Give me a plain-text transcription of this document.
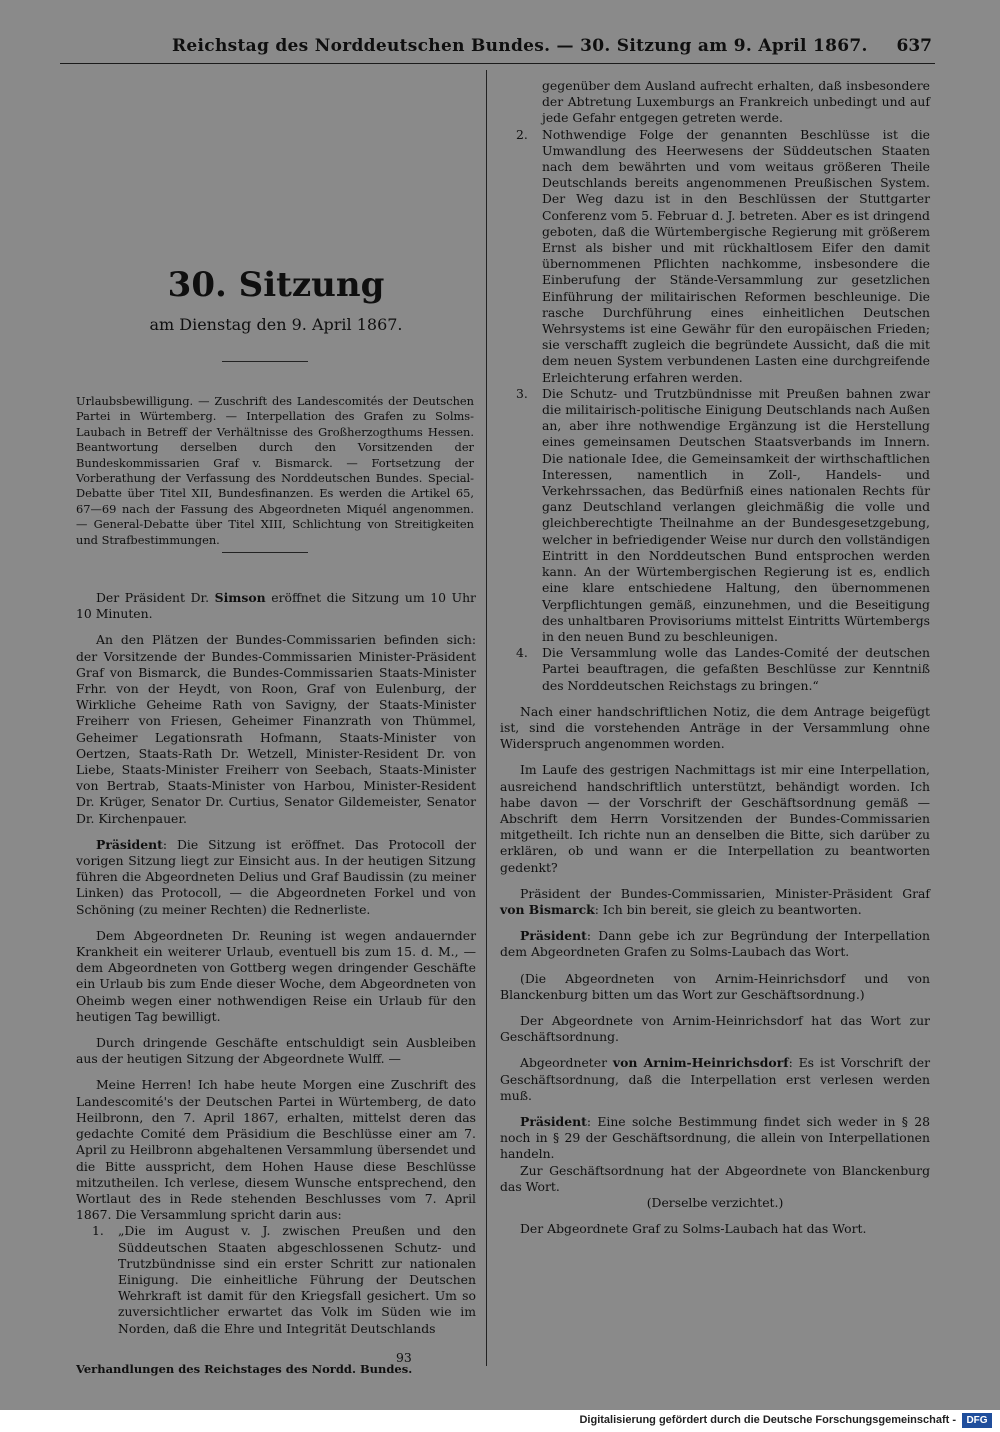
Reichstag des Norddeutschen Bundes. — 30. Sitzung am 9. April 1867. 637
30. Sitzung
am Dienstag den 9. April 1867.
Urlaubsbewilligung. — Zuschrift des Landescomités der Deutschen Partei in Würtemberg. — Interpellation des Grafen zu Solms-Laubach in Betreff der Verhältnisse des Großherzogthums Hessen. Beantwortung derselben durch den Vorsitzenden der Bundeskommissarien Graf v. Bismarck. — Fortsetzung der Vorberathung der Verfassung des Norddeutschen Bundes. Special-Debatte über Titel XII, Bundesfinanzen. Es werden die Artikel 65, 67—69 nach der Fassung des Abgeordneten Miquél angenommen. — General-Debatte über Titel XIII, Schlichtung von Streitigkeiten und Strafbestimmungen.

Der Präsident Dr. Simson eröffnet die Sitzung um 10 Uhr 10 Minuten.

An den Plätzen der Bundes-Commissarien befinden sich: der Vorsitzende der Bundes-Commissarien Minister-Präsident Graf von Bismarck, die Bundes-Commissarien Staats-Minister Frhr. von der Heydt, von Roon, Graf von Eulenburg, der Wirkliche Geheime Rath von Savigny, der Staats-Minister Freiherr von Friesen, Geheimer Finanzrath von Thümmel, Geheimer Legationsrath Hofmann, Staats-Minister von Oertzen, Staats-Rath Dr. Wetzell, Minister-Resident Dr. von Liebe, Staats-Minister Freiherr von Seebach, Staats-Minister von Bertrab, Staats-Minister von Harbou, Minister-Resident Dr. Krüger, Senator Dr. Curtius, Senator Gildemeister, Senator Dr. Kirchenpauer.

Präsident: Die Sitzung ist eröffnet. Das Protocoll der vorigen Sitzung liegt zur Einsicht aus. In der heutigen Sitzung führen die Abgeordneten Delius und Graf Baudissin (zu meiner Linken) das Protocoll, — die Abgeordneten Forkel und von Schöning (zu meiner Rechten) die Rednerliste.

Dem Abgeordneten Dr. Reuning ist wegen andauernder Krankheit ein weiterer Urlaub, eventuell bis zum 15. d. M., — dem Abgeordneten von Gottberg wegen dringender Geschäfte ein Urlaub bis zum Ende dieser Woche, dem Abgeordneten von Oheimb wegen einer nothwendigen Reise ein Urlaub für den heutigen Tag bewilligt.

Durch dringende Geschäfte entschuldigt sein Ausbleiben aus der heutigen Sitzung der Abgeordnete Wulff. —

Meine Herren! Ich habe heute Morgen eine Zuschrift des Landescomité's der Deutschen Partei in Würtemberg, de dato Heilbronn, den 7. April 1867, erhalten, mittelst deren das gedachte Comité dem Präsidium die Beschlüsse einer am 7. April zu Heilbronn abgehaltenen Versammlung übersendet und die Bitte ausspricht, dem Hohen Hause diese Beschlüsse mitzutheilen. Ich verlese, diesem Wunsche entsprechend, den Wortlaut des in Rede stehenden Beschlusses vom 7. April 1867. Die Versammlung spricht darin aus:

1. „Die im August v. J. zwischen Preußen und den Süddeutschen Staaten abgeschlossenen Schutz- und Trutzbündnisse sind ein erster Schritt zur nationalen Einigung. Die einheitliche Führung der Deutschen Wehrkraft ist damit für den Kriegsfall gesichert. Um so zuversichtlicher erwartet das Volk im Süden wie im Norden, daß die Ehre und Integrität Deutschlands

93
Verhandlungen des Reichstages des Nordd. Bundes.

gegenüber dem Ausland aufrecht erhalten, daß insbesondere der Abtretung Luxemburgs an Frankreich unbedingt und auf jede Gefahr entgegen getreten werde.

2. Nothwendige Folge der genannten Beschlüsse ist die Umwandlung des Heerwesens der Süddeutschen Staaten nach dem bewährten und vom weitaus größeren Theile Deutschlands bereits angenommenen Preußischen System. Der Weg dazu ist in den Beschlüssen der Stuttgarter Conferenz vom 5. Februar d. J. betreten. Aber es ist dringend geboten, daß die Würtembergische Regierung mit größerem Ernst als bisher und mit rückhaltlosem Eifer den damit übernommenen Pflichten nachkomme, insbesondere die Einberufung der Stände-Versammlung zur gesetzlichen Einführung der militairischen Reformen beschleunige. Die rasche Durchführung eines einheitlichen Deutschen Wehrsystems ist eine Gewähr für den europäischen Frieden; sie verschafft zugleich die begründete Aussicht, daß die mit dem neuen System verbundenen Lasten eine durchgreifende Erleichterung erfahren werden.

3. Die Schutz- und Trutzbündnisse mit Preußen bahnen zwar die militairisch-politische Einigung Deutschlands nach Außen an, aber ihre nothwendige Ergänzung ist die Herstellung eines gemeinsamen Deutschen Staatsverbands im Innern. Die nationale Idee, die Gemeinsamkeit der wirthschaftlichen Interessen, namentlich in Zoll-, Handels- und Verkehrssachen, das Bedürfniß eines nationalen Rechts für ganz Deutschland verlangen gleichmäßig die volle und gleichberechtigte Theilnahme an der Bundesgesetzgebung, welcher in befriedigender Weise nur durch den vollständigen Eintritt in den Norddeutschen Bund entsprochen werden kann. An der Würtembergischen Regierung ist es, endlich eine klare entschiedene Haltung, den übernommenen Verpflichtungen gemäß, einzunehmen, und die Beseitigung des unhaltbaren Provisoriums mittelst Eintritts Würtembergs in den neuen Bund zu beschleunigen.

4. Die Versammlung wolle das Landes-Comité der deutschen Partei beauftragen, die gefaßten Beschlüsse zur Kenntniß des Norddeutschen Reichstags zu bringen.“

Nach einer handschriftlichen Notiz, die dem Antrage beigefügt ist, sind die vorstehenden Anträge in der Versammlung ohne Widerspruch angenommen worden.

Im Laufe des gestrigen Nachmittags ist mir eine Interpellation, ausreichend handschriftlich unterstützt, behändigt worden. Ich habe davon — der Vorschrift der Geschäftsordnung gemäß — Abschrift dem Herrn Vorsitzenden der Bundes-Commissarien mitgetheilt. Ich richte nun an denselben die Bitte, sich darüber zu erklären, ob und wann er die Interpellation zu beantworten gedenkt?

Präsident der Bundes-Commissarien, Minister-Präsident Graf von Bismarck: Ich bin bereit, sie gleich zu beantworten.

Präsident: Dann gebe ich zur Begründung der Interpellation dem Abgeordneten Grafen zu Solms-Laubach das Wort.

(Die Abgeordneten von Arnim-Heinrichsdorf und von Blanckenburg bitten um das Wort zur Geschäftsordnung.)

Der Abgeordnete von Arnim-Heinrichsdorf hat das Wort zur Geschäftsordnung.

Abgeordneter von Arnim-Heinrichsdorf: Es ist Vorschrift der Geschäftsordnung, daß die Interpellation erst verlesen werden muß.

Präsident: Eine solche Bestimmung findet sich weder in § 28 noch in § 29 der Geschäftsordnung, die allein von Interpellationen handeln.

Zur Geschäftsordnung hat der Abgeordnete von Blanckenburg das Wort.

(Derselbe verzichtet.)

Der Abgeordnete Graf zu Solms-Laubach hat das Wort.

Digitalisierung gefördert durch die Deutsche Forschungsgemeinschaft -	DFG
